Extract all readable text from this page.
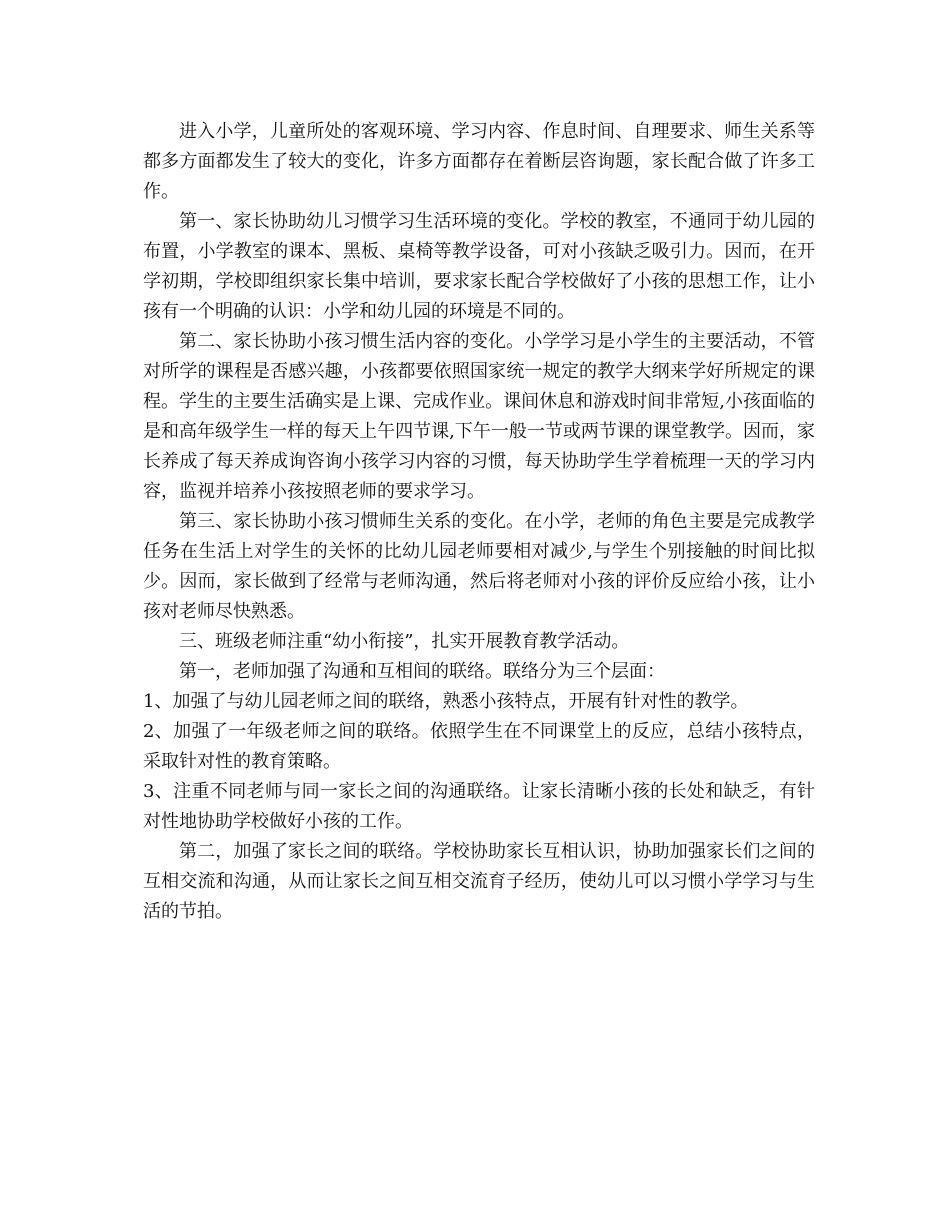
进入小学，儿童所处的客观环境、学习内容、作息时间、自理要求、师生关系等都多方面都发生了较大的变化，许多方面都存在着断层咨询题，家长配合做了许多工作。

第一、家长协助幼儿习惯学习生活环境的变化。学校的教室，不通同于幼儿园的布置，小学教室的课本、黑板、桌椅等教学设备，可对小孩缺乏吸引力。因而，在开学初期，学校即组织家长集中培训，要求家长配合学校做好了小孩的思想工作，让小孩有一个明确的认识：小学和幼儿园的环境是不同的。

第二、家长协助小孩习惯生活内容的变化。小学学习是小学生的主要活动，不管对所学的课程是否感兴趣，小孩都要依照国家统一规定的教学大纲来学好所规定的课程。学生的主要生活确实是上课、完成作业。课间休息和游戏时间非常短,小孩面临的是和高年级学生一样的每天上午四节课,下午一般一节或两节课的课堂教学。因而，家长养成了每天养成询咨询小孩学习内容的习惯，每天协助学生学着梳理一天的学习内容，监视并培养小孩按照老师的要求学习。

第三、家长协助小孩习惯师生关系的变化。在小学，老师的角色主要是完成教学任务在生活上对学生的关怀的比幼儿园老师要相对减少,与学生个别接触的时间比拟少。因而，家长做到了经常与老师沟通，然后将老师对小孩的评价反应给小孩，让小孩对老师尽快熟悉。

三、班级老师注重“幼小衔接”，扎实开展教育教学活动。

第一，老师加强了沟通和互相间的联络。联络分为三个层面：

1、加强了与幼儿园老师之间的联络，熟悉小孩特点，开展有针对性的教学。

2、加强了一年级老师之间的联络。依照学生在不同课堂上的反应，总结小孩特点，采取针对性的教育策略。

3、注重不同老师与同一家长之间的沟通联络。让家长清晰小孩的长处和缺乏，有针对性地协助学校做好小孩的工作。

第二，加强了家长之间的联络。学校协助家长互相认识，协助加强家长们之间的互相交流和沟通，从而让家长之间互相交流育子经历，使幼儿可以习惯小学学习与生活的节拍。
